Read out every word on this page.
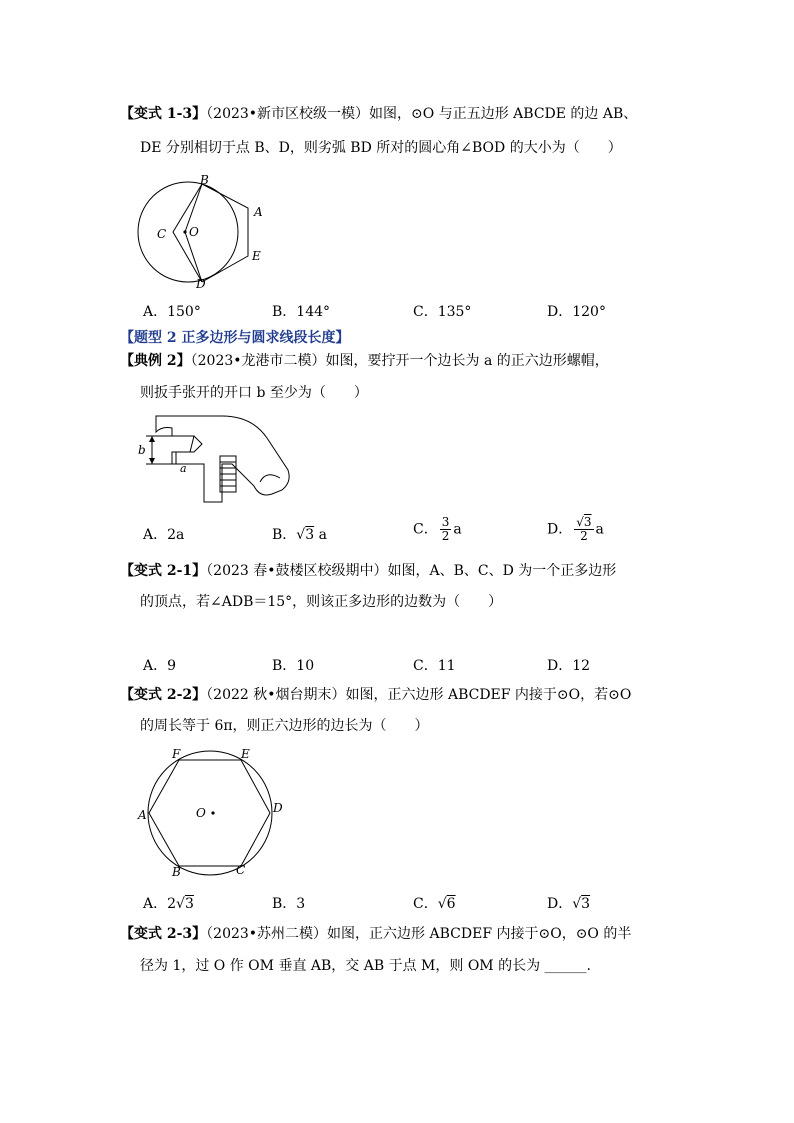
【变式 1-3】（2023•新市区校级一模）如图，⊙O 与正五边形 ABCDE 的边 AB、
DE 分别相切于点 B、D，则劣弧 BD 所对的圆心角∠BOD 的大小为（　　）
B
A
C O
E
D
A．150°	B．144°	C．135°	D．120°
【题型 2 正多边形与圆求线段长度】
【典例 2】（2023•龙港市二模）如图，要拧开一个边长为 a 的正六边形螺帽，
则扳手张开的开口 b 至少为（　　）
b
a
A．2a	B．√3 a	C． $\frac{3}{2}$ a	D． $\frac{√3}{2}$ a
【变式 2-1】（2023 春•鼓楼区校级期中）如图，A、B、C、D 为一个正多边形
的顶点，若∠ADB＝15°，则该正多边形的边数为（　　）
A．9	B．10	C．11	D．12
【变式 2-2】（2022 秋•烟台期末）如图，正六边形 ABCDEF 内接于⊙O，若⊙O
的周长等于 6π，则正六边形的边长为（　　）
F	E
A	O	D
B	C
A．2√3	B．3	C．√6	D．√3
【变式 2-3】（2023•苏州二模）如图，正六边形 ABCDEF 内接于⊙O，⊙O 的半
径为 1，过 O 作 OM 垂直 AB，交 AB 于点 M，则 OM 的长为 ______.
